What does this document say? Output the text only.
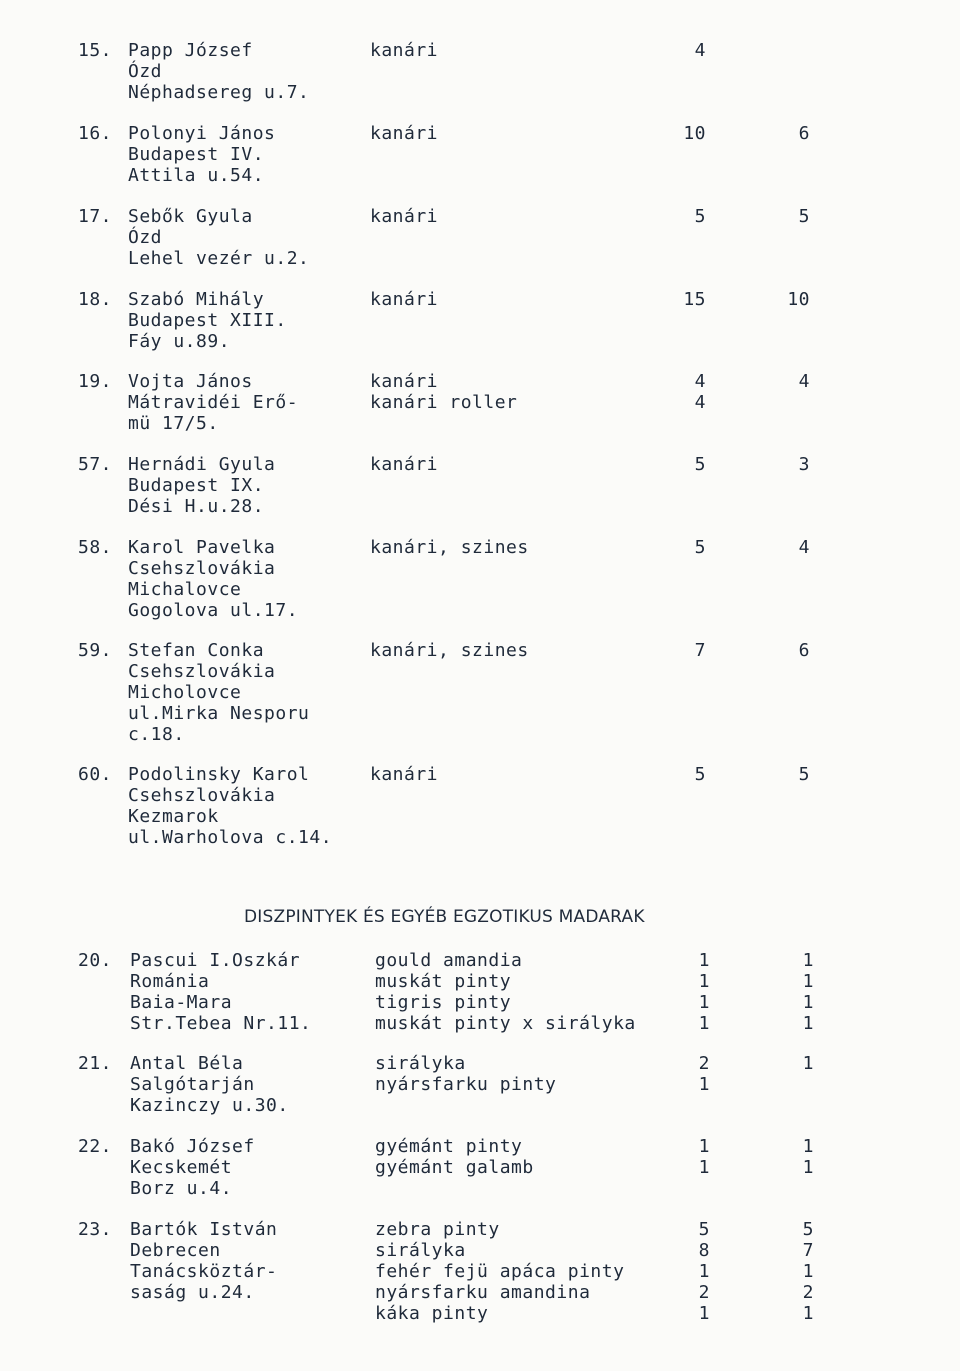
15. Papp József
Ózd
Néphadsereg u.7.
kanári	4
16. Polonyi János
Budapest IV.
Attila u.54.
kanári	10	6
17. Sebők Gyula
Ózd
Lehel vezér u.2.
kanári	5	5
18. Szabó Mihály
Budapest XIII.
Fáy u.89.
kanári	15	10
19. Vojta János
Mátravidéi Erő-
mü 17/5.
kanári	4	4
kanári roller	4
57. Hernádi Gyula
Budapest IX.
Dési H.u.28.
kanári	5	3
58. Karol Pavelka
Csehszlovákia
Michalovce
Gogolova ul.17.
kanári, szines	5	4
59. Stefan Conka
Csehszlovákia
Micholovce
ul.Mirka Nesporu
c.18.
kanári, szines	7	6
60. Podolinsky Karol
Csehszlovákia
Kezmarok
ul.Warholova c.14.
kanári	5	5
DISZPINTYEK ÉS EGYÉB EGZOTIKUS MADARAK
20. Pascui I.Oszkár
Románia
Baia-Mara
Str.Tebea Nr.11.
gould amandia	1	1
muskát pinty	1	1
tigris pinty	1	1
muskát pinty x sirályka	1	1
21. Antal Béla
Salgótarján
Kazinczy u.30.
sirályka	2	1
nyársfarku pinty	1
22. Bakó József
Kecskemét
Borz u.4.
gyémánt pinty	1	1
gyémánt galamb	1	1
23. Bartók István
Debrecen
Tanácsköztár-
saság u.24.
zebra pinty	5	5
sirályka	8	7
fehér fejü apáca pinty	1	1
nyársfarku amandina	2	2
káka pinty	1	1
